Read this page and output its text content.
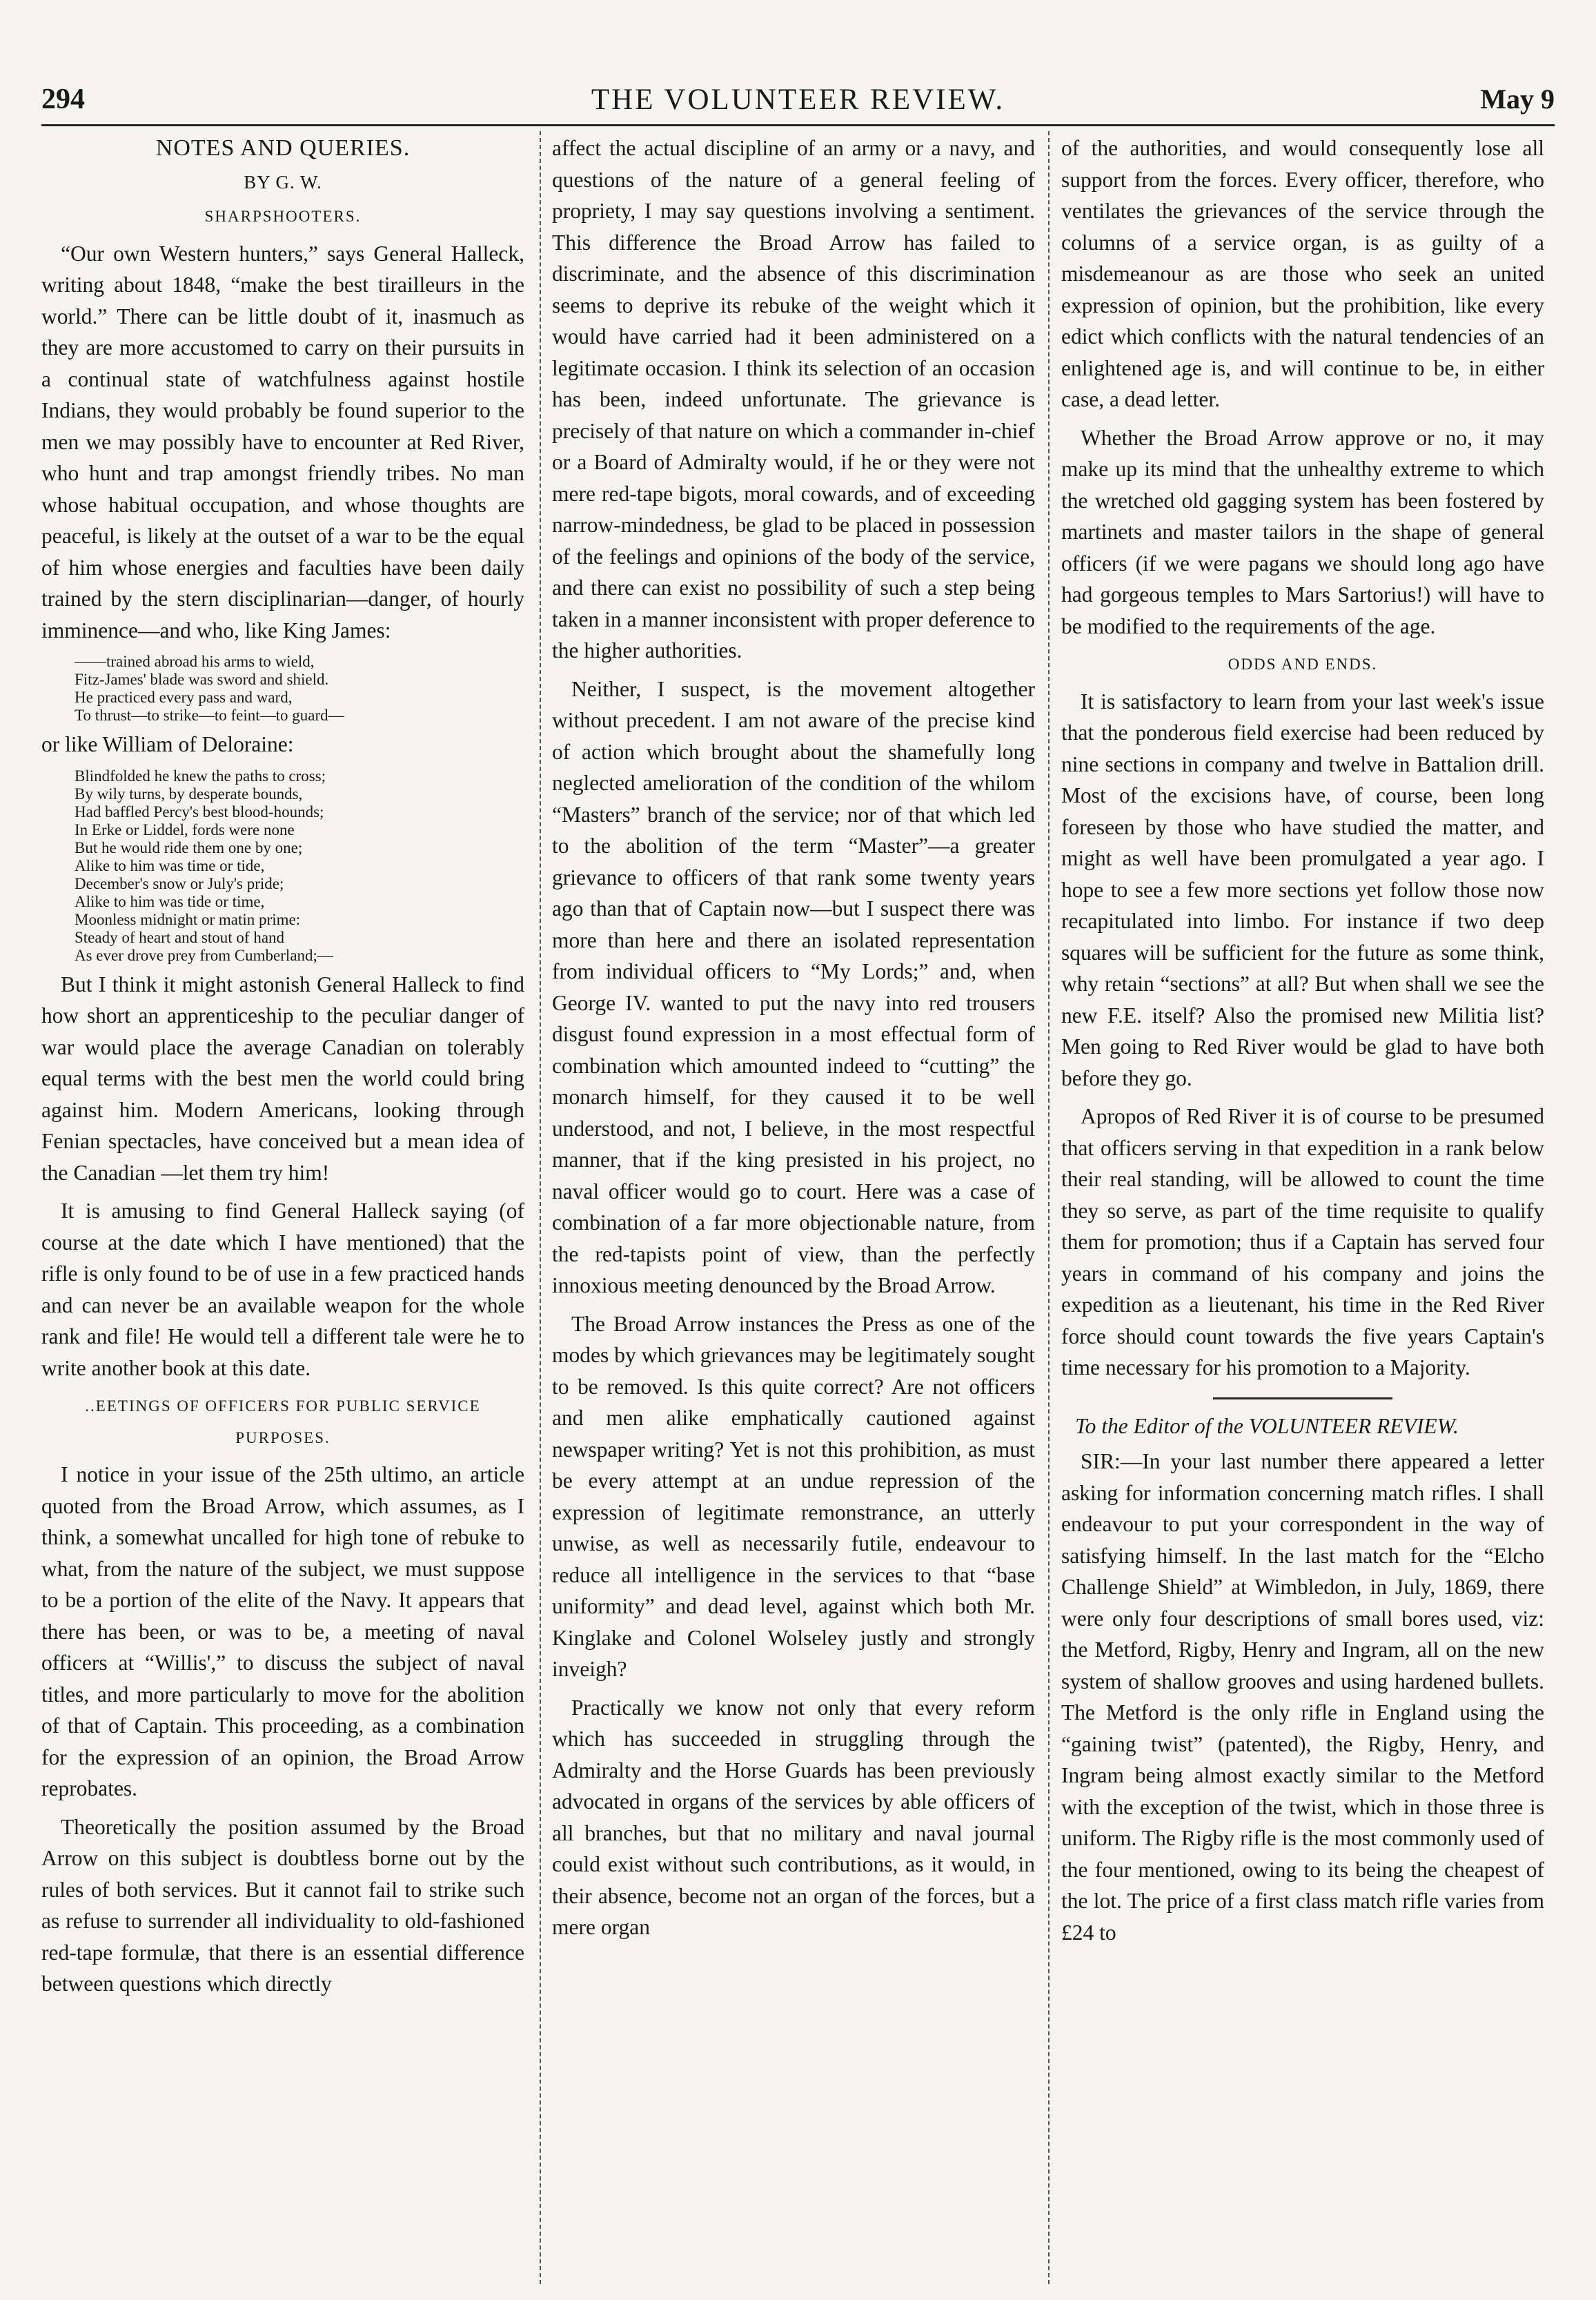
THE VOLUNTEER REVIEW.
294	May 9
NOTES AND QUERIES.
BY G. W.
SHARPSHOOTERS.

“Our own Western hunters,” says General Halleck, writing about 1848, “make the best tirailleurs in the world.” There can be little doubt of it, inasmuch as they are more accustomed to carry on their pursuits in a continual state of watchfulness against hostile Indians, they would probably be found superior to the men we may possibly have to encounter at Red River, who hunt and trap amongst friendly tribes. No man whose habitual occupation, and whose thoughts are peaceful, is likely at the outset of a war to be the equal of him whose energies and faculties have been daily trained by the stern disciplinarian—danger, of hourly imminence—and who, like King James:

——trained abroad his arms to wield,
Fitz-James' blade was sword and shield.
He practiced every pass and ward,
To thrust—to strike—to feint—to guard—

or like William of Deloraine:

Blindfolded he knew the paths to cross;
By wily turns, by desperate bounds,
Had baffled Percy's best blood-hounds;
In Erke or Liddel, fords were none
But he would ride them one by one;
Alike to him was time or tide,
December's snow or July's pride;
Alike to him was tide or time,
Moonless midnight or matin prime:
Steady of heart and stout of hand
As ever drove prey from Cumberland;—

But I think it might astonish General Halleck to find how short an apprenticeship to the peculiar danger of war would place the average Canadian on tolerably equal terms with the best men the world could bring against him. Modern Americans, looking through Fenian spectacles, have conceived but a mean idea of the Canadian —let them try him!

It is amusing to find General Halleck saying (of course at the date which I have mentioned) that the rifle is only found to be of use in a few practiced hands and can never be an available weapon for the whole rank and file! He would tell a different tale were he to write another book at this date.

..EETINGS OF OFFICERS FOR PUBLIC SERVICE PURPOSES.

I notice in your issue of the 25th ultimo, an article quoted from the Broad Arrow, which assumes, as I think, a somewhat uncalled for high tone of rebuke to what, from the nature of the subject, we must suppose to be a portion of the elite of the Navy. It appears that there has been, or was to be, a meeting of naval officers at “Willis',” to discuss the subject of naval titles, and more particularly to move for the abolition of that of Captain. This proceeding, as a combination for the expression of an opinion, the Broad Arrow reprobates.

Theoretically the position assumed by the Broad Arrow on this subject is doubtless borne out by the rules of both services. But it cannot fail to strike such as refuse to surrender all individuality to old-fashioned red-tape formulæ, that there is an essential difference between questions which directly

affect the actual discipline of an army or a navy, and questions of the nature of a general feeling of propriety, I may say questions involving a sentiment. This difference the Broad Arrow has failed to discriminate, and the absence of this discrimination seems to deprive its rebuke of the weight which it would have carried had it been administered on a legitimate occasion. I think its selection of an occasion has been, indeed unfortunate. The grievance is precisely of that nature on which a commander in-chief or a Board of Admiralty would, if he or they were not mere red-tape bigots, moral cowards, and of exceeding narrow-mindedness, be glad to be placed in possession of the feelings and opinions of the body of the service, and there can exist no possibility of such a step being taken in a manner inconsistent with proper deference to the higher authorities.

Neither, I suspect, is the movement altogether without precedent. I am not aware of the precise kind of action which brought about the shamefully long neglected amelioration of the condition of the whilom “Masters” branch of the service; nor of that which led to the abolition of the term “Master”—a greater grievance to officers of that rank some twenty years ago than that of Captain now—but I suspect there was more than here and there an isolated representation from individual officers to “My Lords;” and, when George IV. wanted to put the navy into red trousers disgust found expression in a most effectual form of combination which amounted indeed to “cutting” the monarch himself, for they caused it to be well understood, and not, I believe, in the most respectful manner, that if the king presisted in his project, no naval officer would go to court. Here was a case of combination of a far more objectionable nature, from the red-tapists point of view, than the perfectly innoxious meeting denounced by the Broad Arrow.

The Broad Arrow instances the Press as one of the modes by which grievances may be legitimately sought to be removed. Is this quite correct? Are not officers and men alike emphatically cautioned against newspaper writing? Yet is not this prohibition, as must be every attempt at an undue repression of the expression of legitimate remonstrance, an utterly unwise, as well as necessarily futile, endeavour to reduce all intelligence in the services to that “base uniformity” and dead level, against which both Mr. Kinglake and Colonel Wolseley justly and strongly inveigh?

Practically we know not only that every reform which has succeeded in struggling through the Admiralty and the Horse Guards has been previously advocated in organs of the services by able officers of all branches, but that no military and naval journal could exist without such contributions, as it would, in their absence, become not an organ of the forces, but a mere organ

of the authorities, and would consequently lose all support from the forces. Every officer, therefore, who ventilates the grievances of the service through the columns of a service organ, is as guilty of a misdemeanour as are those who seek an united expression of opinion, but the prohibition, like every edict which conflicts with the natural tendencies of an enlightened age is, and will continue to be, in either case, a dead letter.

Whether the Broad Arrow approve or no, it may make up its mind that the unhealthy extreme to which the wretched old gagging system has been fostered by martinets and master tailors in the shape of general officers (if we were pagans we should long ago have had gorgeous temples to Mars Sartorius!) will have to be modified to the requirements of the age.

ODDS AND ENDS.

It is satisfactory to learn from your last week's issue that the ponderous field exercise had been reduced by nine sections in company and twelve in Battalion drill. Most of the excisions have, of course, been long foreseen by those who have studied the matter, and might as well have been promulgated a year ago. I hope to see a few more sections yet follow those now recapitulated into limbo. For instance if two deep squares will be sufficient for the future as some think, why retain “sections” at all? But when shall we see the new F.E. itself? Also the promised new Militia list? Men going to Red River would be glad to have both before they go.

Apropos of Red River it is of course to be presumed that officers serving in that expedition in a rank below their real standing, will be allowed to count the time they so serve, as part of the time requisite to qualify them for promotion; thus if a Captain has served four years in command of his company and joins the expedition as a lieutenant, his time in the Red River force should count towards the five years Captain's time necessary for his promotion to a Majority.

To the Editor of the VOLUNTEER REVIEW.

SIR:—In your last number there appeared a letter asking for information concerning match rifles. I shall endeavour to put your correspondent in the way of satisfying himself. In the last match for the “Elcho Challenge Shield” at Wimbledon, in July, 1869, there were only four descriptions of small bores used, viz: the Metford, Rigby, Henry and Ingram, all on the new system of shallow grooves and using hardened bullets. The Metford is the only rifle in England using the “gaining twist” (patented), the Rigby, Henry, and Ingram being almost exactly similar to the Metford with the exception of the twist, which in those three is uniform. The Rigby rifle is the most commonly used of the four mentioned, owing to its being the cheapest of the lot. The price of a first class match rifle varies from £24 to
